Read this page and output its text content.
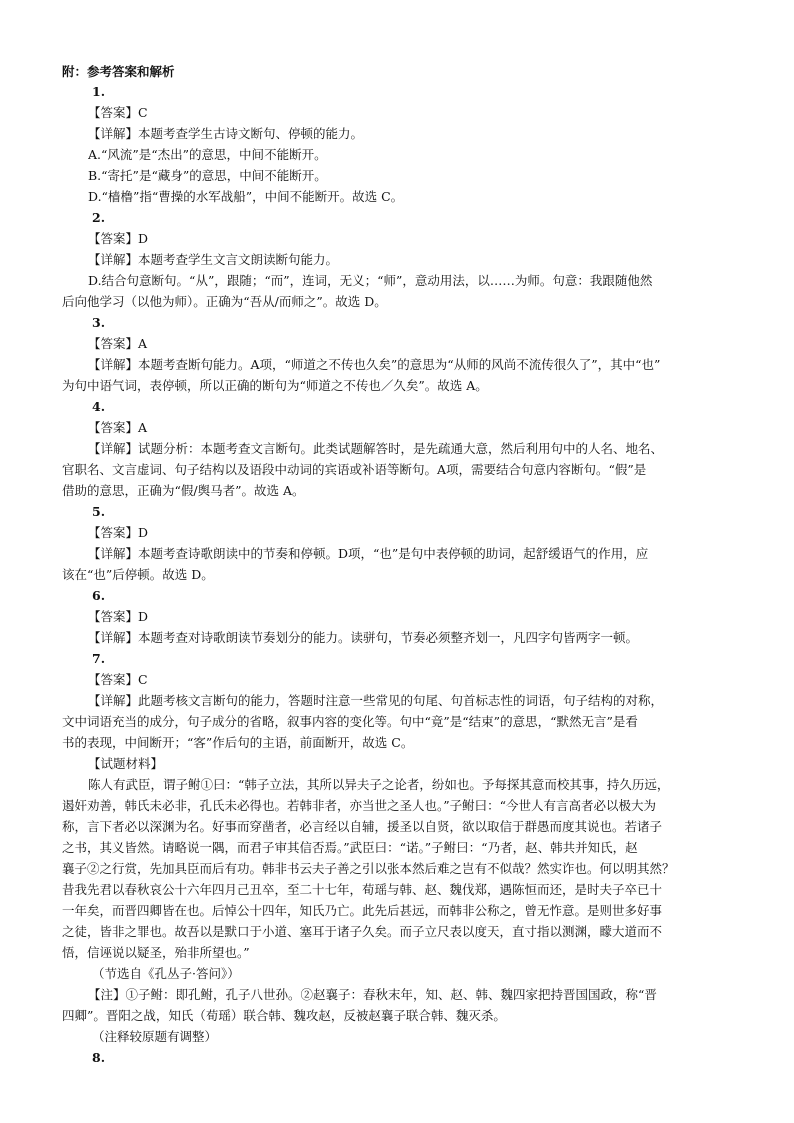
附：参考答案和解析
1.
【答案】C
【详解】本题考查学生古诗文断句、停顿的能力。
A.“风流”是“杰出”的意思，中间不能断开。
B.“寄托”是“藏身”的意思，中间不能断开。
D.“樯橹”指“曹操的水军战船”，中间不能断开。故选 C。
2.
【答案】D
【详解】本题考查学生文言文朗读断句能力。
D.结合句意断句。“从”，跟随；“而”，连词，无义；“师”，意动用法，以……为师。句意：我跟随他然
后向他学习（以他为师）。正确为“吾从/而师之”。故选 D。
3.
【答案】A
【详解】本题考查断句能力。A项，“师道之不传也久矣”的意思为“从师的风尚不流传很久了”，其中“也”
为句中语气词，表停顿，所以正确的断句为“师道之不传也／久矣”。故选 A。
4.
【答案】A
【详解】试题分析：本题考查文言断句。此类试题解答时，是先疏通大意，然后利用句中的人名、地名、
官职名、文言虚词、句子结构以及语段中动词的宾语或补语等断句。A项，需要结合句意内容断句。“假”是
借助的意思，正确为“假/舆马者”。故选 A。
5.
【答案】D
【详解】本题考查诗歌朗读中的节奏和停顿。D项，“也”是句中表停顿的助词，起舒缓语气的作用，应
该在“也”后停顿。故选 D。
6.
【答案】D
【详解】本题考查对诗歌朗读节奏划分的能力。读骈句，节奏必须整齐划一，凡四字句皆两字一顿。
7.
【答案】C
【详解】此题考核文言断句的能力，答题时注意一些常见的句尾、句首标志性的词语，句子结构的对称，
文中词语充当的成分，句子成分的省略，叙事内容的变化等。句中“竟”是“结束”的意思，“默然无言”是看
书的表现，中间断开；“客”作后句的主语，前面断开，故选 C。
【试题材料】
陈人有武臣，谓子鲋①曰：“韩子立法，其所以异夫子之论者，纷如也。予每探其意而校其事，持久历远，
遏奸劝善，韩氏未必非，孔氏未必得也。若韩非者，亦当世之圣人也。”子鲋曰：“今世人有言高者必以极大为
称，言下者必以深渊为名。好事而穿凿者，必言经以自辅，援圣以自贤，欲以取信于群愚而度其说也。若诸子
之书，其义皆然。请略说一隅，而君子审其信否焉。”武臣曰：“诺。”子鲋曰：“乃者，赵、韩共并知氏，赵
襄子②之行赏，先加具臣而后有功。韩非书云夫子善之引以张本然后难之岂有不似哉？然实诈也。何以明其然？
昔我先君以春秋哀公十六年四月己丑卒，至二十七年，荀瑶与韩、赵、魏伐郑，遇陈恒而还，是时夫子卒已十
一年矣，而晋四卿皆在也。后悼公十四年，知氏乃亡。此先后甚远，而韩非公称之，曾无怍意。是则世多好事
之徒，皆非之罪也。故吾以是默口于小道、塞耳于诸子久矣。而子立尺表以度天，直寸指以测渊，矇大道而不
悟，信诬说以疑圣，殆非所望也。”
（节选自《孔丛子·答问》）
【注】①子鲋：即孔鲋，孔子八世孙。②赵襄子：春秋末年，知、赵、韩、魏四家把持晋国国政，称“晋
四卿”。晋阳之战，知氏（荀瑶）联合韩、魏攻赵，反被赵襄子联合韩、魏灭杀。
（注释较原题有调整）
8.
